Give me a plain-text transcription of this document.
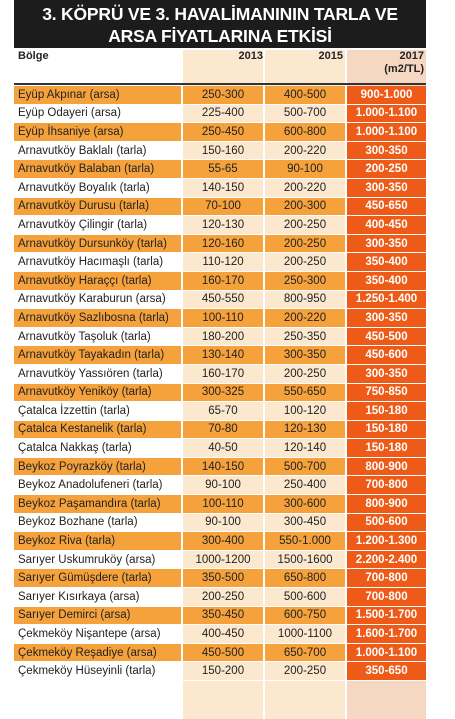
3. KÖPRÜ VE 3. HAVALİMANININ TARLA VE
ARSA FİYATLARINA ETKİSİ
Bölge	2013	2015	2017
(m2/TL)
Eyüp Akpınar (arsa)		250-300		400-500		900-1.000
Eyüp Odayeri (arsa)		225-400		500-700		1.000-1.100
Eyüp İhsaniye (arsa)		250-450		600-800		1.000-1.100
Arnavutköy Baklalı (tarla)		150-160		200-220		300-350
Arnavutköy Balaban (tarla)		55-65		90-100		200-250
Arnavutköy Boyalık (tarla)		140-150		200-220		300-350
Arnavutköy Durusu (tarla)		70-100		200-300		450-650
Arnavutköy Çilingir (tarla)		120-130		200-250		400-450
Arnavutköy Dursunköy (tarla)		120-160		200-250		300-350
Arnavutköy Hacımaşlı (tarla)		110-120		200-250		350-400
Arnavutköy Haraççı (tarla)		160-170		250-300		350-400
Arnavutköy Karaburun (arsa)		450-550		800-950		1.250-1.400
Arnavutköy Sazlıbosna (tarla)		100-110		200-220		300-350
Arnavutköy Taşoluk (tarla)		180-200		250-350		450-500
Arnavutköy Tayakadın (tarla)		130-140		300-350		450-600
Arnavutköy Yassıören (tarla)		160-170		200-250		300-350
Arnavutköy Yeniköy (tarla)		300-325		550-650		750-850
Çatalca İzzettin (tarla)		65-70		100-120		150-180
Çatalca Kestanelik (tarla)		70-80		120-130		150-180
Çatalca Nakkaş (tarla)		40-50		120-140		150-180
Beykoz Poyrazköy (tarla)		140-150		500-700		800-900
Beykoz Anadolufeneri (tarla)		90-100		250-400		700-800
Beykoz Paşamandıra (tarla)		100-110		300-600		800-900
Beykoz Bozhane (tarla)		90-100		300-450		500-600
Beykoz Riva (tarla)		300-400		550-1.000		1.200-1.300
Sarıyer Uskumruköy (arsa)		1000-1200		1500-1600		2.200-2.400
Sarıyer Gümüşdere (tarla)		350-500		650-800		700-800
Sarıyer Kısırkaya (arsa)		200-250		500-600		700-800
Sarıyer Demirci (arsa)		350-450		600-750		1.500-1.700
Çekmeköy Nişantepe (arsa)		400-450		1000-1100		1.600-1.700
Çekmeköy Reşadiye (arsa)		450-500		650-700		1.000-1.100
Çekmeköy Hüseyinli (tarla)		150-200		200-250		350-650
